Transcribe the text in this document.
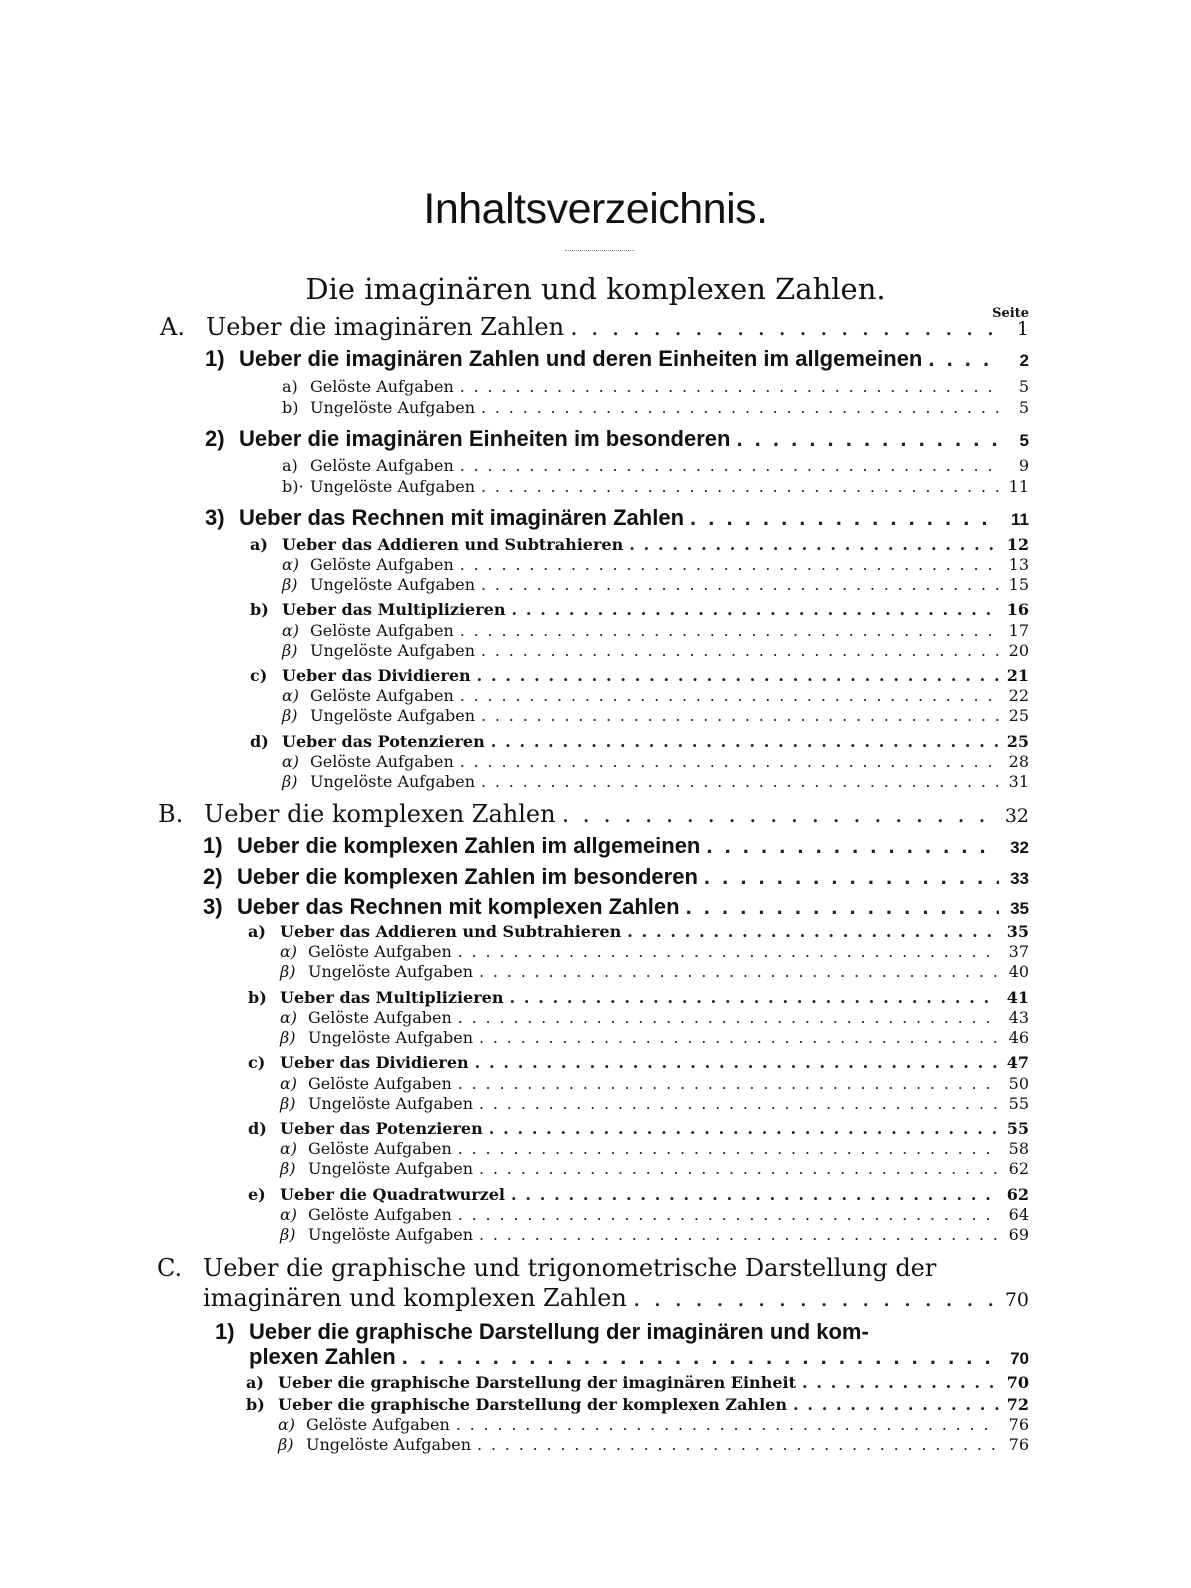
Inhaltsverzeichnis.
Die imaginären und komplexen Zahlen.
Seite
A. Ueber die imaginären Zahlen .....	1
1) Ueber die imaginären Zahlen und deren Einheiten im allgemeinen .....	2
a) Gelöste Aufgaben .....	5
b) Ungelöste Aufgaben .....	5
2) Ueber die imaginären Einheiten im besonderen .....	5
a) Gelöste Aufgaben .....	9
b)· Ungelöste Aufgaben .....	11
3) Ueber das Rechnen mit imaginären Zahlen .....	11
a) Ueber das Addieren und Subtrahieren .....	12
α) Gelöste Aufgaben .....	13
β) Ungelöste Aufgaben .....	15
b) Ueber das Multiplizieren .....	16
α) Gelöste Aufgaben .....	17
β) Ungelöste Aufgaben .....	20
c) Ueber das Dividieren .....	21
α) Gelöste Aufgaben .....	22
β) Ungelöste Aufgaben .....	25
d) Ueber das Potenzieren .....	25
α) Gelöste Aufgaben .....	28
β) Ungelöste Aufgaben .....	31
B. Ueber die komplexen Zahlen .....	32
1) Ueber die komplexen Zahlen im allgemeinen .....	32
2) Ueber die komplexen Zahlen im besonderen .....	33
3) Ueber das Rechnen mit komplexen Zahlen .....	35
a) Ueber das Addieren und Subtrahieren .....	35
α) Gelöste Aufgaben .....	37
β) Ungelöste Aufgaben .....	40
b) Ueber das Multiplizieren .....	41
α) Gelöste Aufgaben .....	43
β) Ungelöste Aufgaben .....	46
c) Ueber das Dividieren .....	47
α) Gelöste Aufgaben .....	50
β) Ungelöste Aufgaben .....	55
d) Ueber das Potenzieren .....	55
α) Gelöste Aufgaben .....	58
β) Ungelöste Aufgaben .....	62
e) Ueber die Quadratwurzel .....	62
α) Gelöste Aufgaben .....	64
β) Ungelöste Aufgaben .....	69
C. Ueber die graphische und trigonometrische Darstellung der
imaginären und komplexen Zahlen .....	70
1) Ueber die graphische Darstellung der imaginären und kom-
plexen Zahlen .....	70
a) Ueber die graphische Darstellung der imaginären Einheit .....	70
b) Ueber die graphische Darstellung der komplexen Zahlen .....	72
α) Gelöste Aufgaben .....	76
β) Ungelöste Aufgaben .....	76
